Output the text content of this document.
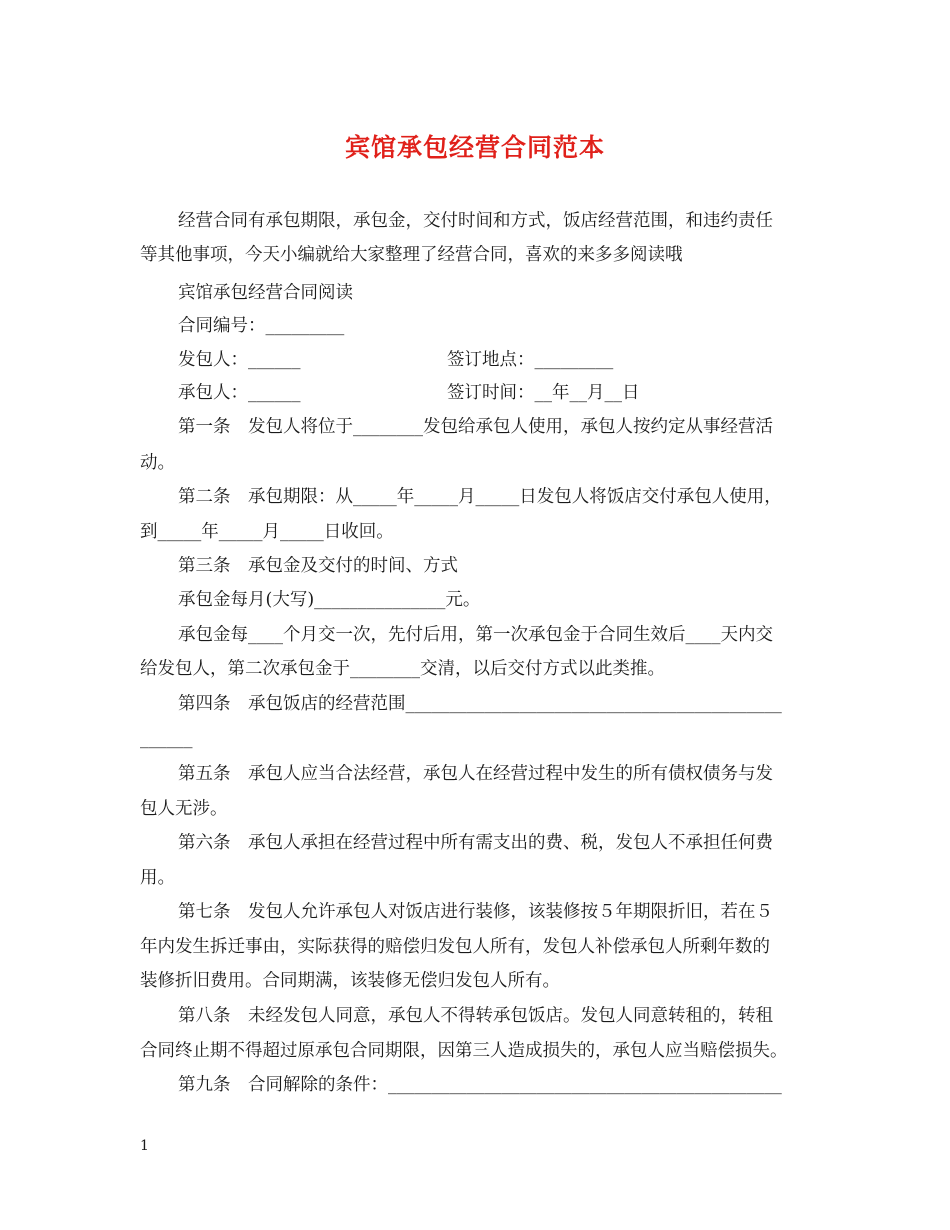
宾馆承包经营合同范本
经营合同有承包期限，承包金，交付时间和方式，饭店经营范围，和违约责任
等其他事项，今天小编就给大家整理了经营合同，喜欢的来多多阅读哦
宾馆承包经营合同阅读
合同编号：_________
发包人：______	签订地点：_________
承包人：______	签订时间：__年__月__日
第一条　发包人将位于________发包给承包人使用，承包人按约定从事经营活
动。
第二条　承包期限：从_____年_____月_____日发包人将饭店交付承包人使用，
到_____年_____月_____日收回。
第三条　承包金及交付的时间、方式
承包金每月(大写)_______________元。
承包金每____个月交一次，先付后用，第一次承包金于合同生效后____天内交
给发包人，第二次承包金于________交清，以后交付方式以此类推。
第四条　承包饭店的经营范围___________________________________________
______
第五条　承包人应当合法经营，承包人在经营过程中发生的所有债权债务与发
包人无涉。
第六条　承包人承担在经营过程中所有需支出的费、税，发包人不承担任何费
用。
第七条　发包人允许承包人对饭店进行装修，该装修按５年期限折旧，若在５
年内发生拆迁事由，实际获得的赔偿归发包人所有，发包人补偿承包人所剩年数的
装修折旧费用。合同期满，该装修无偿归发包人所有。
第八条　未经发包人同意，承包人不得转承包饭店。发包人同意转租的，转租
合同终止期不得超过原承包合同期限，因第三人造成损失的，承包人应当赔偿损失。
第九条　合同解除的条件：_____________________________________________
1
